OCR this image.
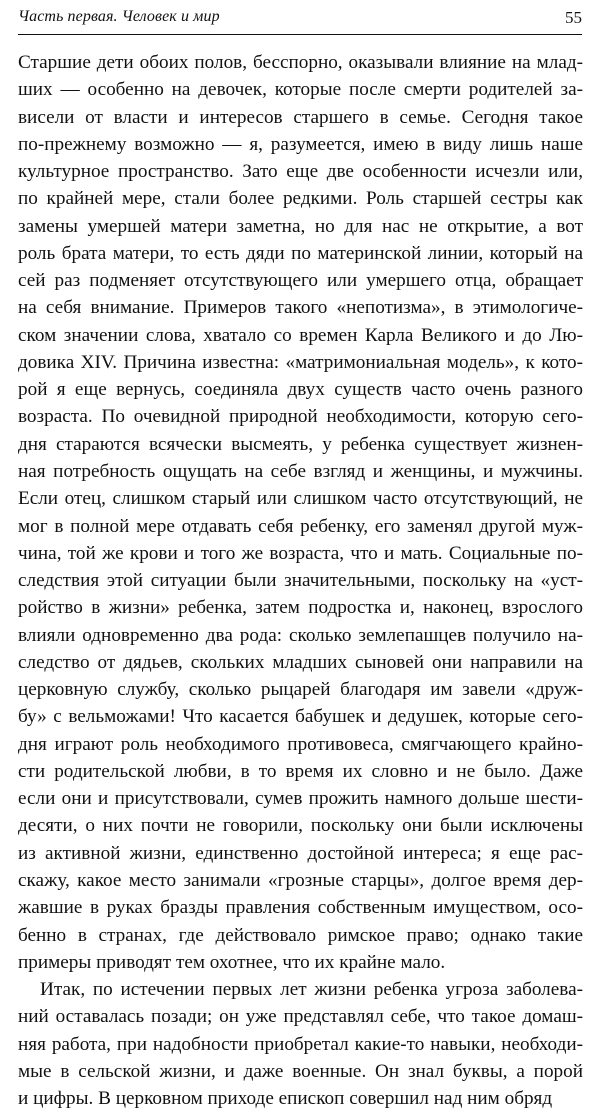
Часть первая. Человек и мир	55
Старшие дети обоих полов, бесспорно, оказывали влияние на млад-
ших — особенно на девочек, которые после смерти родителей за-
висели от власти и интересов старшего в семье. Сегодня такое
по-прежнему возможно — я, разумеется, имею в виду лишь наше
культурное пространство. Зато еще две особенности исчезли или,
по крайней мере, стали более редкими. Роль старшей сестры как
замены умершей матери заметна, но для нас не открытие, а вот
роль брата матери, то есть дяди по материнской линии, который на
сей раз подменяет отсутствующего или умершего отца, обращает
на себя внимание. Примеров такого «непотизма», в этимологиче-
ском значении слова, хватало со времен Карла Великого и до Лю-
довика XIV. Причина известна: «матримониальная модель», к кото-
рой я еще вернусь, соединяла двух существ часто очень разного
возраста. По очевидной природной необходимости, которую сего-
дня стараются всячески высмеять, у ребенка существует жизнен-
ная потребность ощущать на себе взгляд и женщины, и мужчины.
Если отец, слишком старый или слишком часто отсутствующий, не
мог в полной мере отдавать себя ребенку, его заменял другой муж-
чина, той же крови и того же возраста, что и мать. Социальные по-
следствия этой ситуации были значительными, поскольку на «уст-
ройство в жизни» ребенка, затем подростка и, наконец, взрослого
влияли одновременно два рода: сколько землепашцев получило на-
следство от дядьев, скольких младших сыновей они направили на
церковную службу, сколько рыцарей благодаря им завели «друж-
бу» с вельможами! Что касается бабушек и дедушек, которые сего-
дня играют роль необходимого противовеса, смягчающего крайно-
сти родительской любви, в то время их словно и не было. Даже
если они и присутствовали, сумев прожить намного дольше шести-
десяти, о них почти не говорили, поскольку они были исключены
из активной жизни, единственно достойной интереса; я еще рас-
скажу, какое место занимали «грозные старцы», долгое время дер-
жавшие в руках бразды правления собственным имуществом, осо-
бенно в странах, где действовало римское право; однако такие
примеры приводят тем охотнее, что их крайне мало.
Итак, по истечении первых лет жизни ребенка угроза заболева-
ний оставалась позади; он уже представлял себе, что такое домаш-
няя работа, при надобности приобретал какие-то навыки, необходи-
мые в сельской жизни, и даже военные. Он знал буквы, а порой
и цифры. В церковном приходе епископ совершил над ним обряд
